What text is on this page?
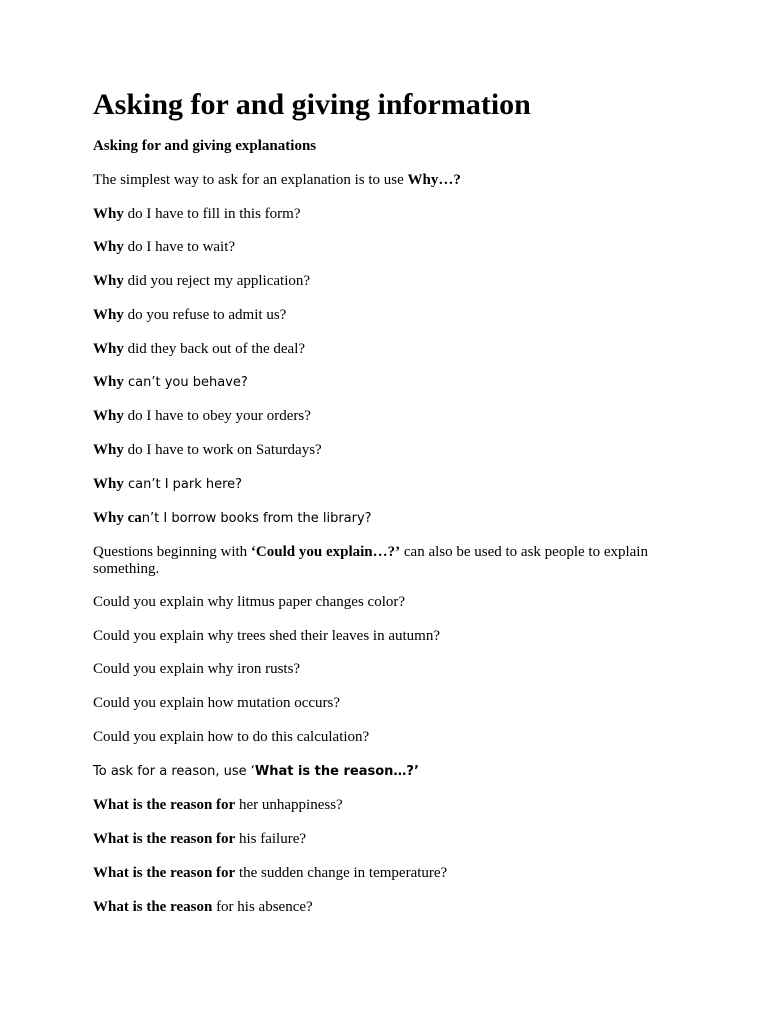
Asking for and giving information
Asking for and giving explanations
The simplest way to ask for an explanation is to use Why…?
Why do I have to fill in this form?
Why do I have to wait?
Why did you reject my application?
Why do you refuse to admit us?
Why did they back out of the deal?
Why can’t you behave?
Why do I have to obey your orders?
Why do I have to work on Saturdays?
Why can’t I park here?
Why can’t I borrow books from the library?
Questions beginning with ‘Could you explain…?’ can also be used to ask people to explain something.
Could you explain why litmus paper changes color?
Could you explain why trees shed their leaves in autumn?
Could you explain why iron rusts?
Could you explain how mutation occurs?
Could you explain how to do this calculation?
To ask for a reason, use ‘What is the reason…?’
What is the reason for her unhappiness?
What is the reason for his failure?
What is the reason for the sudden change in temperature?
What is the reason for his absence?
